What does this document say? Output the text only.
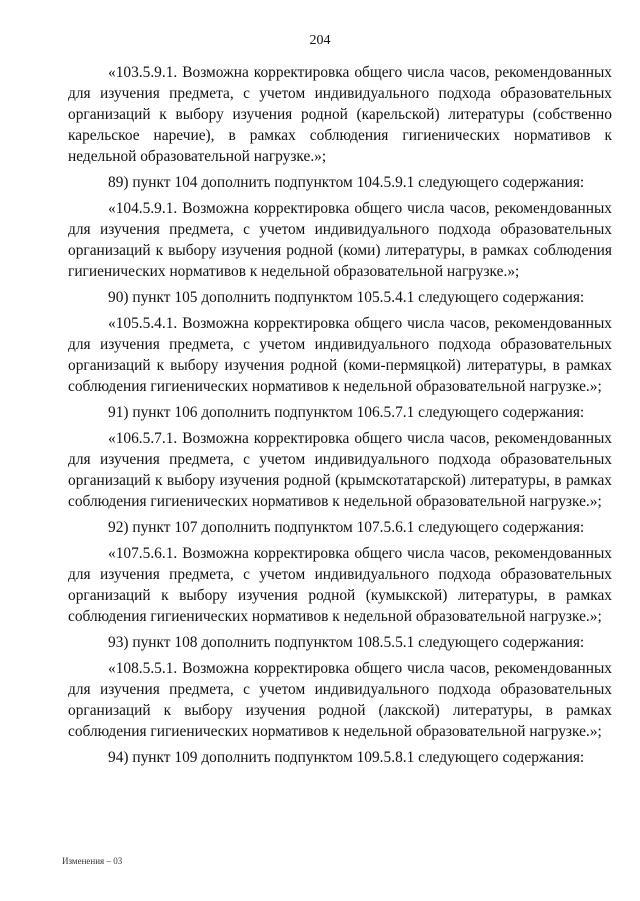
204

«103.5.9.1. Возможна корректировка общего числа часов, рекомендованных для изучения предмета, с учетом индивидуального подхода образовательных организаций к выбору изучения родной (карельской) литературы (собственно карельское наречие), в рамках соблюдения гигиенических нормативов к недельной образовательной нагрузке.»;

89) пункт 104 дополнить подпунктом 104.5.9.1 следующего содержания:

«104.5.9.1. Возможна корректировка общего числа часов, рекомендованных для изучения предмета, с учетом индивидуального подхода образовательных организаций к выбору изучения родной (коми) литературы, в рамках соблюдения гигиенических нормативов к недельной образовательной нагрузке.»;

90) пункт 105 дополнить подпунктом 105.5.4.1 следующего содержания:

«105.5.4.1. Возможна корректировка общего числа часов, рекомендованных для изучения предмета, с учетом индивидуального подхода образовательных организаций к выбору изучения родной (коми-пермяцкой) литературы, в рамках соблюдения гигиенических нормативов к недельной образовательной нагрузке.»;

91) пункт 106 дополнить подпунктом 106.5.7.1 следующего содержания:

«106.5.7.1. Возможна корректировка общего числа часов, рекомендованных для изучения предмета, с учетом индивидуального подхода образовательных организаций к выбору изучения родной (крымскотатарской) литературы, в рамках соблюдения гигиенических нормативов к недельной образовательной нагрузке.»;

92) пункт 107 дополнить подпунктом 107.5.6.1 следующего содержания:

«107.5.6.1. Возможна корректировка общего числа часов, рекомендованных для изучения предмета, с учетом индивидуального подхода образовательных организаций к выбору изучения родной (кумыкской) литературы, в рамках соблюдения гигиенических нормативов к недельной образовательной нагрузке.»;

93) пункт 108 дополнить подпунктом 108.5.5.1 следующего содержания:

«108.5.5.1. Возможна корректировка общего числа часов, рекомендованных для изучения предмета, с учетом индивидуального подхода образовательных организаций к выбору изучения родной (лакской) литературы, в рамках соблюдения гигиенических нормативов к недельной образовательной нагрузке.»;

94) пункт 109 дополнить подпунктом 109.5.8.1 следующего содержания:

Изменения – 03
